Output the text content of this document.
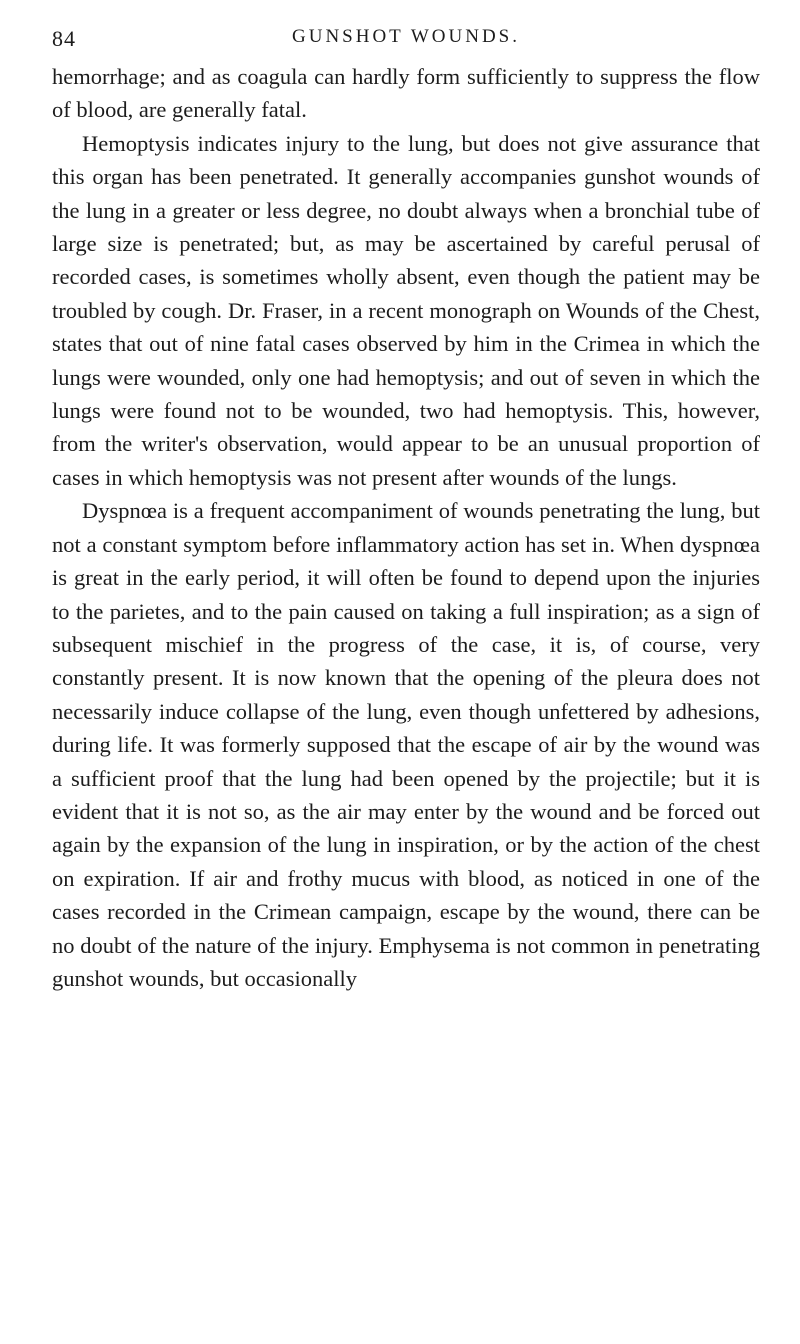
84	GUNSHOT WOUNDS.

hemorrhage; and as coagula can hardly form sufficiently to suppress the flow of blood, are generally fatal.

Hemoptysis indicates injury to the lung, but does not give assurance that this organ has been penetrated. It generally accompanies gunshot wounds of the lung in a greater or less degree, no doubt always when a bronchial tube of large size is penetrated; but, as may be ascertained by careful perusal of recorded cases, is sometimes wholly absent, even though the patient may be troubled by cough. Dr. Fraser, in a recent monograph on Wounds of the Chest, states that out of nine fatal cases observed by him in the Crimea in which the lungs were wounded, only one had hemoptysis; and out of seven in which the lungs were found not to be wounded, two had hemoptysis. This, however, from the writer's observation, would appear to be an unusual proportion of cases in which hemoptysis was not present after wounds of the lungs.

Dyspnœa is a frequent accompaniment of wounds penetrating the lung, but not a constant symptom before inflammatory action has set in. When dyspnœa is great in the early period, it will often be found to depend upon the injuries to the parietes, and to the pain caused on taking a full inspiration; as a sign of subsequent mischief in the progress of the case, it is, of course, very constantly present. It is now known that the opening of the pleura does not necessarily induce collapse of the lung, even though unfettered by adhesions, during life. It was formerly supposed that the escape of air by the wound was a sufficient proof that the lung had been opened by the projectile; but it is evident that it is not so, as the air may enter by the wound and be forced out again by the expansion of the lung in inspiration, or by the action of the chest on expiration. If air and frothy mucus with blood, as noticed in one of the cases recorded in the Crimean campaign, escape by the wound, there can be no doubt of the nature of the injury. Emphysema is not common in penetrating gunshot wounds, but occasionally
